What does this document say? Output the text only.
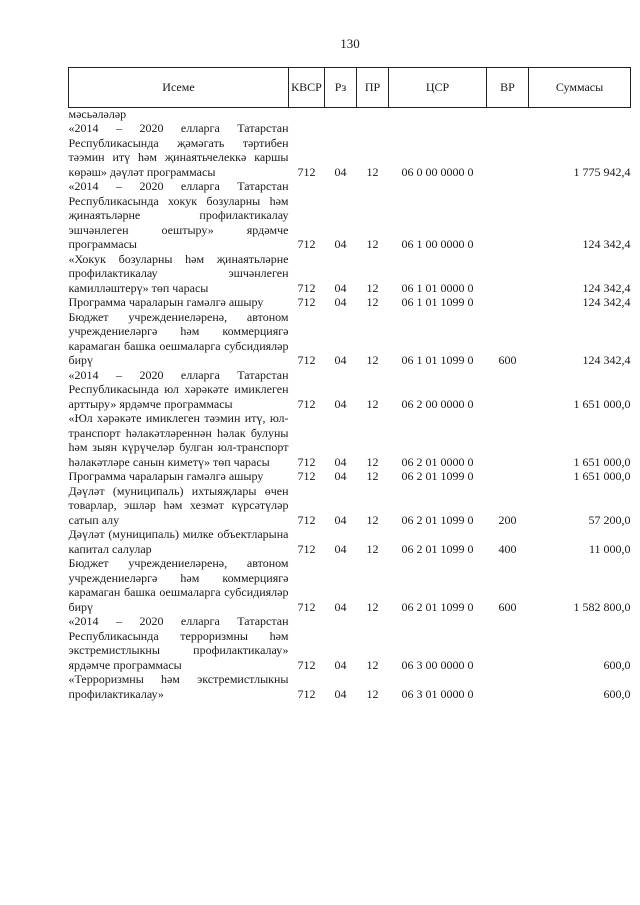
130
Исеме	КВСР	Рз	ПР	ЦСР	ВР	Суммасы
мәсьәләләр						
«2014 – 2020 елларга Татарстан Республикасында җәмәгать тәртибен тәэмин итү һәм җинаятьчелеккә каршы көрәш» дәүләт программасы	712	04	12	06 0 00 0000 0		1 775 942,4
«2014 – 2020 елларга Татарстан Республикасында хокук бозуларны һәм җинаятьләрне профилактикалау эшчәнлеген оештыру» ярдәмче программасы	712	04	12	06 1 00 0000 0		124 342,4
«Хокук бозуларны һәм җинаятьләрне профилактикалау эшчәнлеген камилләштерү» төп чарасы	712	04	12	06 1 01 0000 0		124 342,4
Программа чараларын гамәлгә ашыру	712	04	12	06 1 01 1099 0		124 342,4
Бюджет учреждениеләренә, автоном учреждениеләргә һәм коммерциягә карамаган башка оешмаларга субсидияләр бирү	712	04	12	06 1 01 1099 0	600	124 342,4
«2014 – 2020 елларга Татарстан Республикасында юл хәрәкәте имиклеген арттыру» ярдәмче программасы	712	04	12	06 2 00 0000 0		1 651 000,0
«Юл хәрәкәте имиклеген тәэмин итү, юл-транспорт һәлакәтләреннән һәлак булуны һәм зыян күрүчеләр булган юл-транспорт һәлакәтләре санын киметү» төп чарасы	712	04	12	06 2 01 0000 0		1 651 000,0
Программа чараларын гамәлгә ашыру	712	04	12	06 2 01 1099 0		1 651 000,0
Дәүләт (муниципаль) ихтыяҗлары өчен товарлар, эшләр һәм хезмәт күрсәтүләр сатып алу	712	04	12	06 2 01 1099 0	200	57 200,0
Дәүләт (муниципаль) милке объектларына капитал салулар	712	04	12	06 2 01 1099 0	400	11 000,0
Бюджет учреждениеләренә, автоном учреждениеләргә һәм коммерциягә карамаган башка оешмаларга субсидияләр бирү	712	04	12	06 2 01 1099 0	600	1 582 800,0
«2014 – 2020 елларга Татарстан Республикасында терроризмны һәм экстремистлыкны профилактикалау» ярдәмче программасы	712	04	12	06 3 00 0000 0		600,0
«Терроризмны һәм экстремистлыкны профилактикалау»	712	04	12	06 3 01 0000 0		600,0
